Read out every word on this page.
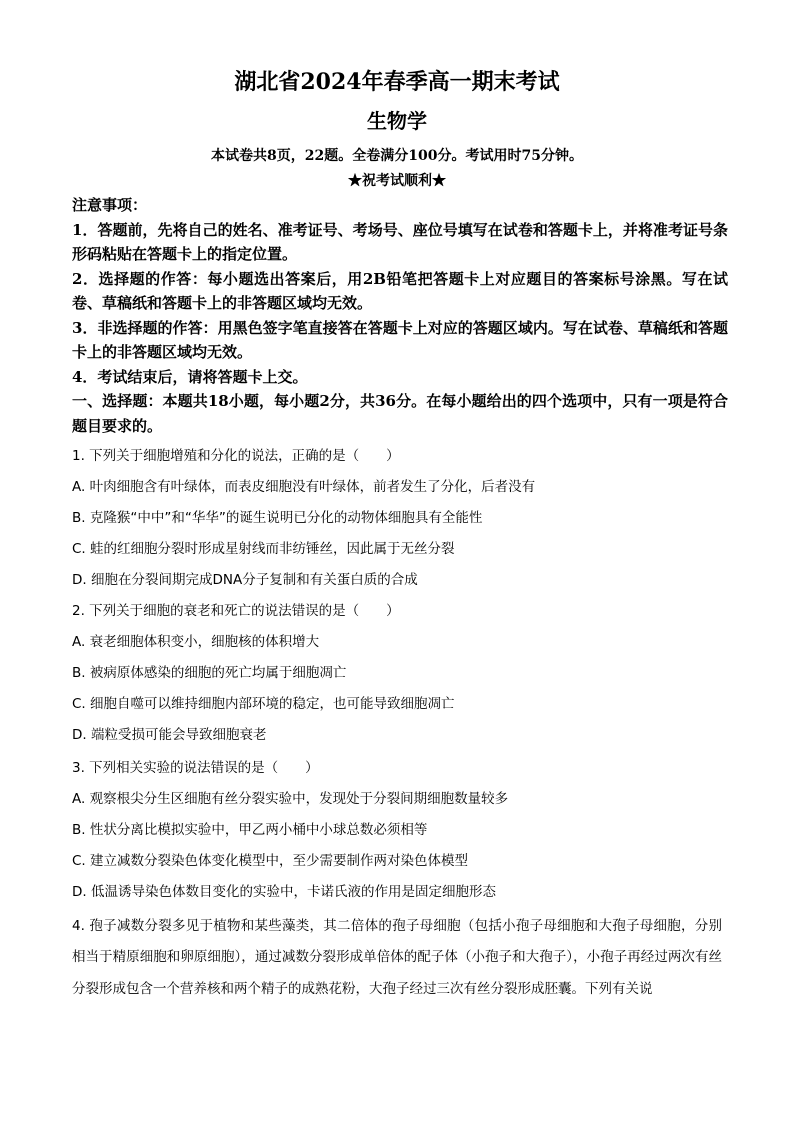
湖北省2024年春季高一期末考试
生物学
本试卷共8页，22题。全卷满分100分。考试用时75分钟。
★祝考试顺利★

注意事项：

1．答题前，先将自己的姓名、准考证号、考场号、座位号填写在试卷和答题卡上，并将准考证号条形码粘贴在答题卡上的指定位置。

2．选择题的作答：每小题选出答案后，用2B铅笔把答题卡上对应题目的答案标号涂黑。写在试卷、草稿纸和答题卡上的非答题区域均无效。

3．非选择题的作答：用黑色签字笔直接答在答题卡上对应的答题区域内。写在试卷、草稿纸和答题卡上的非答题区域均无效。

4．考试结束后，请将答题卡上交。

一、选择题：本题共18小题，每小题2分，共36分。在每小题给出的四个选项中，只有一项是符合题目要求的。

1. 下列关于细胞增殖和分化的说法，正确的是（　　）

A. 叶肉细胞含有叶绿体，而表皮细胞没有叶绿体，前者发生了分化，后者没有

B. 克隆猴“中中”和“华华”的诞生说明已分化的动物体细胞具有全能性

C. 蛙的红细胞分裂时形成星射线而非纺锤丝，因此属于无丝分裂

D. 细胞在分裂间期完成DNA分子复制和有关蛋白质的合成

2. 下列关于细胞的衰老和死亡的说法错误的是（　　）

A. 衰老细胞体积变小，细胞核的体积增大

B. 被病原体感染的细胞的死亡均属于细胞凋亡

C. 细胞自噬可以维持细胞内部环境的稳定，也可能导致细胞凋亡

D. 端粒受损可能会导致细胞衰老

3. 下列相关实验的说法错误的是（　　）

A. 观察根尖分生区细胞有丝分裂实验中，发现处于分裂间期细胞数量较多

B. 性状分离比模拟实验中，甲乙两小桶中小球总数必须相等

C. 建立减数分裂染色体变化模型中，至少需要制作两对染色体模型

D. 低温诱导染色体数目变化的实验中，卡诺氏液的作用是固定细胞形态

4. 孢子减数分裂多见于植物和某些藻类，其二倍体的孢子母细胞（包括小孢子母细胞和大孢子母细胞，分别相当于精原细胞和卵原细胞），通过减数分裂形成单倍体的配子体（小孢子和大孢子），小孢子再经过两次有丝分裂形成包含一个营养核和两个精子的成熟花粉，大孢子经过三次有丝分裂形成胚囊。下列有关说
